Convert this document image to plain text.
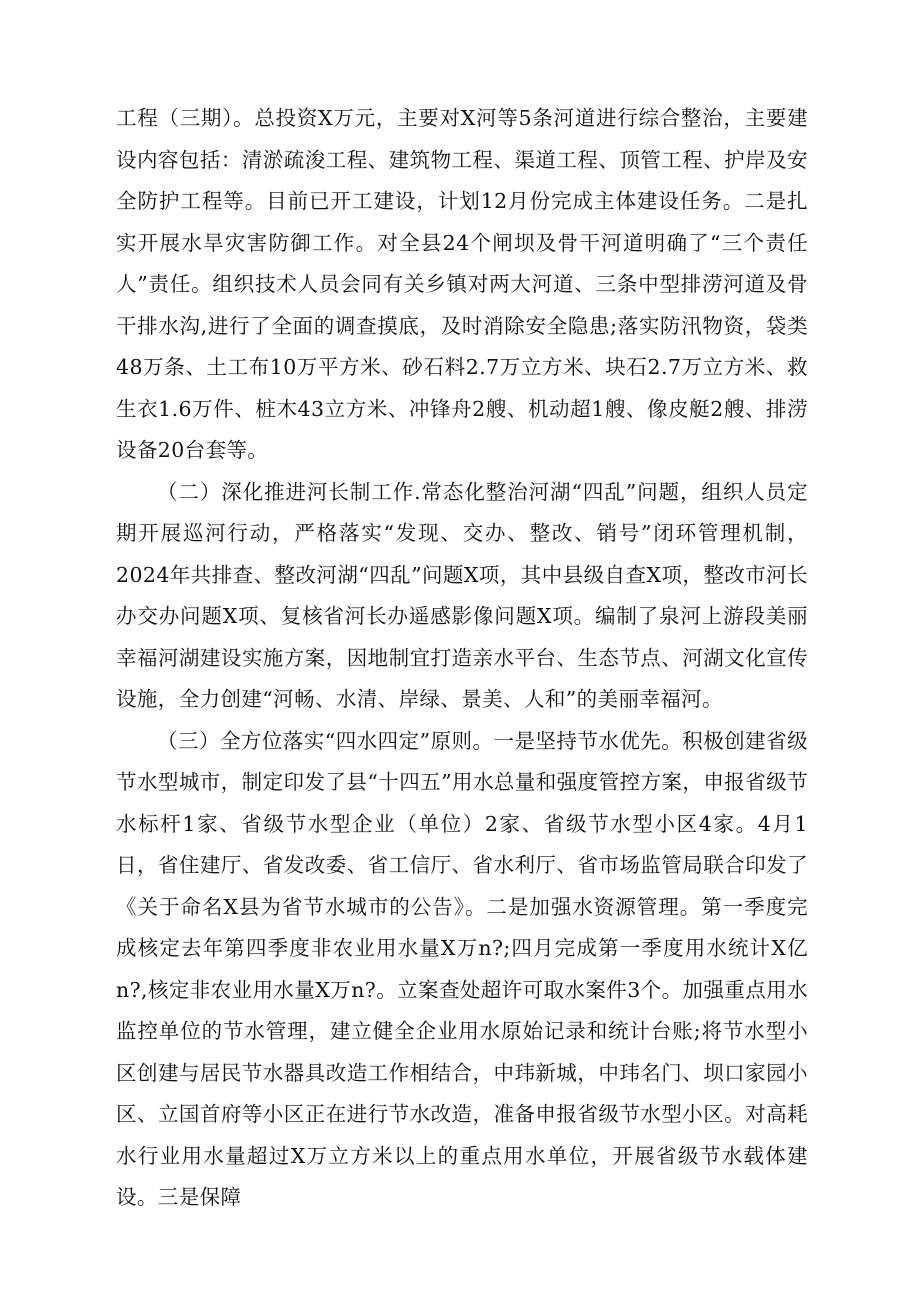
工程（三期）。总投资X万元，主要对X河等5条河道进行综合整治，主要建设内容包括：清淤疏浚工程、建筑物工程、渠道工程、顶管工程、护岸及安全防护工程等。目前已开工建设，计划12月份完成主体建设任务。二是扎实开展水旱灾害防御工作。对全县24个闸坝及骨干河道明确了“三个责任人”责任。组织技术人员会同有关乡镇对两大河道、三条中型排涝河道及骨干排水沟,进行了全面的调查摸底，及时消除安全隐患;落实防汛物资，袋类48万条、土工布10万平方米、砂石料2.7万立方米、块石2.7万立方米、救生衣1.6万件、桩木43立方米、冲锋舟2艘、机动超1艘、像皮艇2艘、排涝设备20台套等。

（二）深化推进河长制工作.常态化整治河湖“四乱”问题，组织人员定期开展巡河行动，严格落实“发现、交办、整改、销号”闭环管理机制，2024年共排查、整改河湖“四乱”问题X项，其中县级自查X项，整改市河长办交办问题X项、复核省河长办遥感影像问题X项。编制了泉河上游段美丽幸福河湖建设实施方案，因地制宜打造亲水平台、生态节点、河湖文化宣传设施，全力创建“河畅、水清、岸绿、景美、人和”的美丽幸福河。

（三）全方位落实“四水四定”原则。一是坚持节水优先。积极创建省级节水型城市，制定印发了县“十四五”用水总量和强度管控方案，申报省级节水标杆1家、省级节水型企业（单位）2家、省级节水型小区4家。4月1日，省住建厅、省发改委、省工信厅、省水利厅、省市场监管局联合印发了《关于命名X县为省节水城市的公告》。二是加强水资源管理。第一季度完成核定去年第四季度非农业用水量X万n?;四月完成第一季度用水统计X亿n?,核定非农业用水量X万n?。立案查处超许可取水案件3个。加强重点用水监控单位的节水管理，建立健全企业用水原始记录和统计台账;将节水型小区创建与居民节水器具改造工作相结合，中玮新城，中玮名门、坝口家园小区、立国首府等小区正在进行节水改造，准备申报省级节水型小区。对高耗水行业用水量超过X万立方米以上的重点用水单位，开展省级节水载体建设。三是保障
